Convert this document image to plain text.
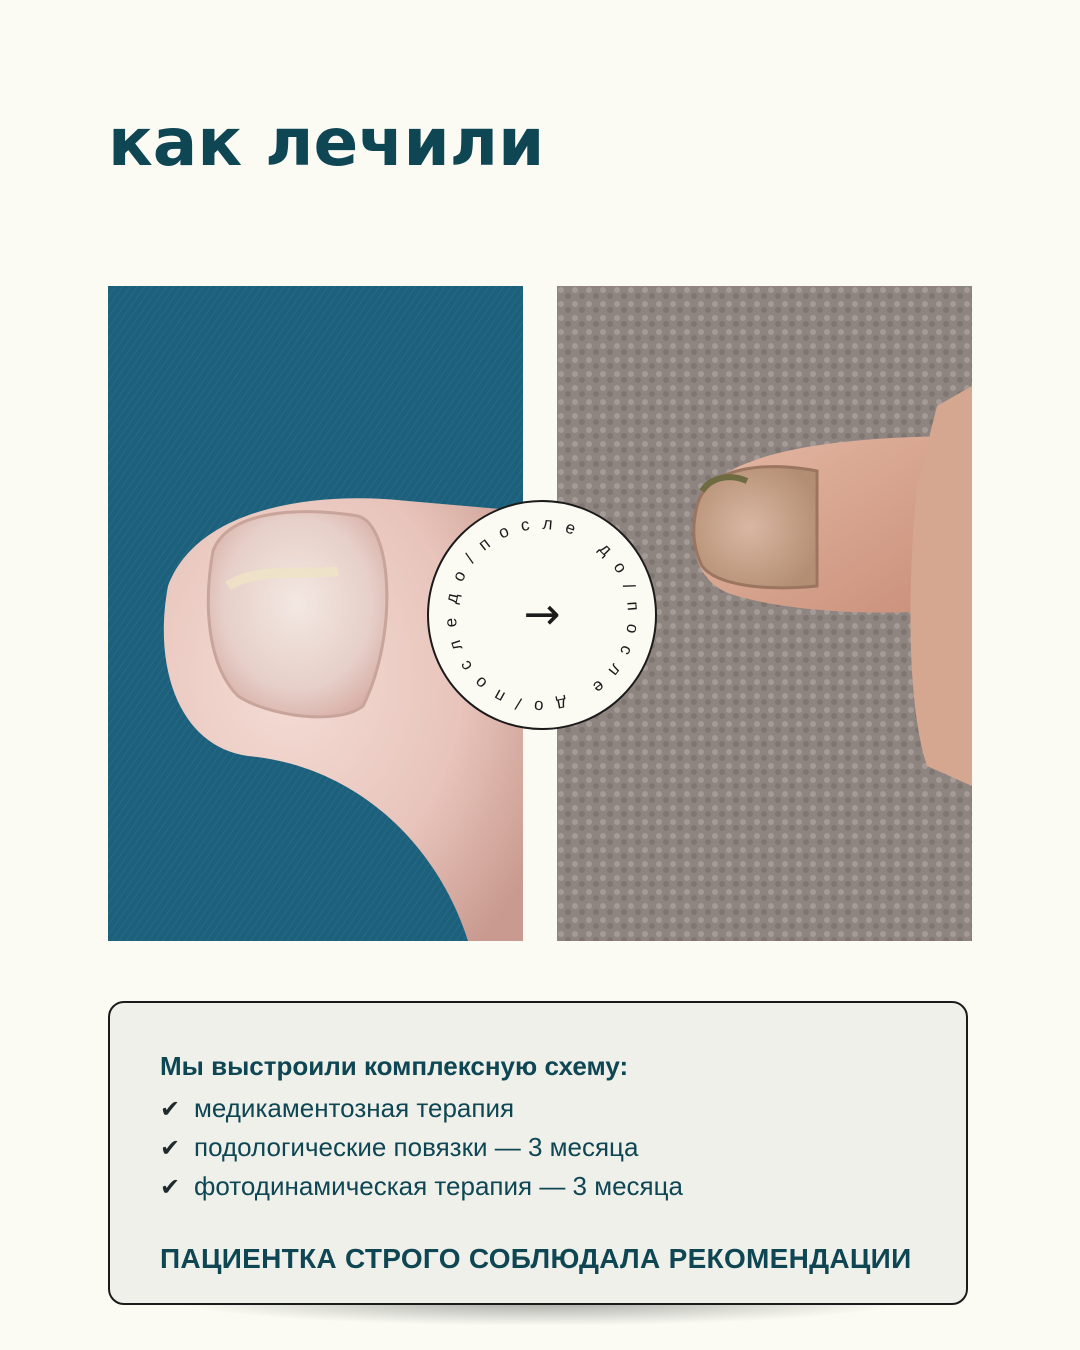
как лечили
до/после до/после до/после	→

Мы выстроили комплексную схему:

✔ медикаментозная терапия
✔ подологические повязки — 3 месяца
✔ фотодинамическая терапия — 3 месяца

ПАЦИЕНТКА СТРОГО СОБЛЮДАЛА РЕКОМЕНДАЦИИ
